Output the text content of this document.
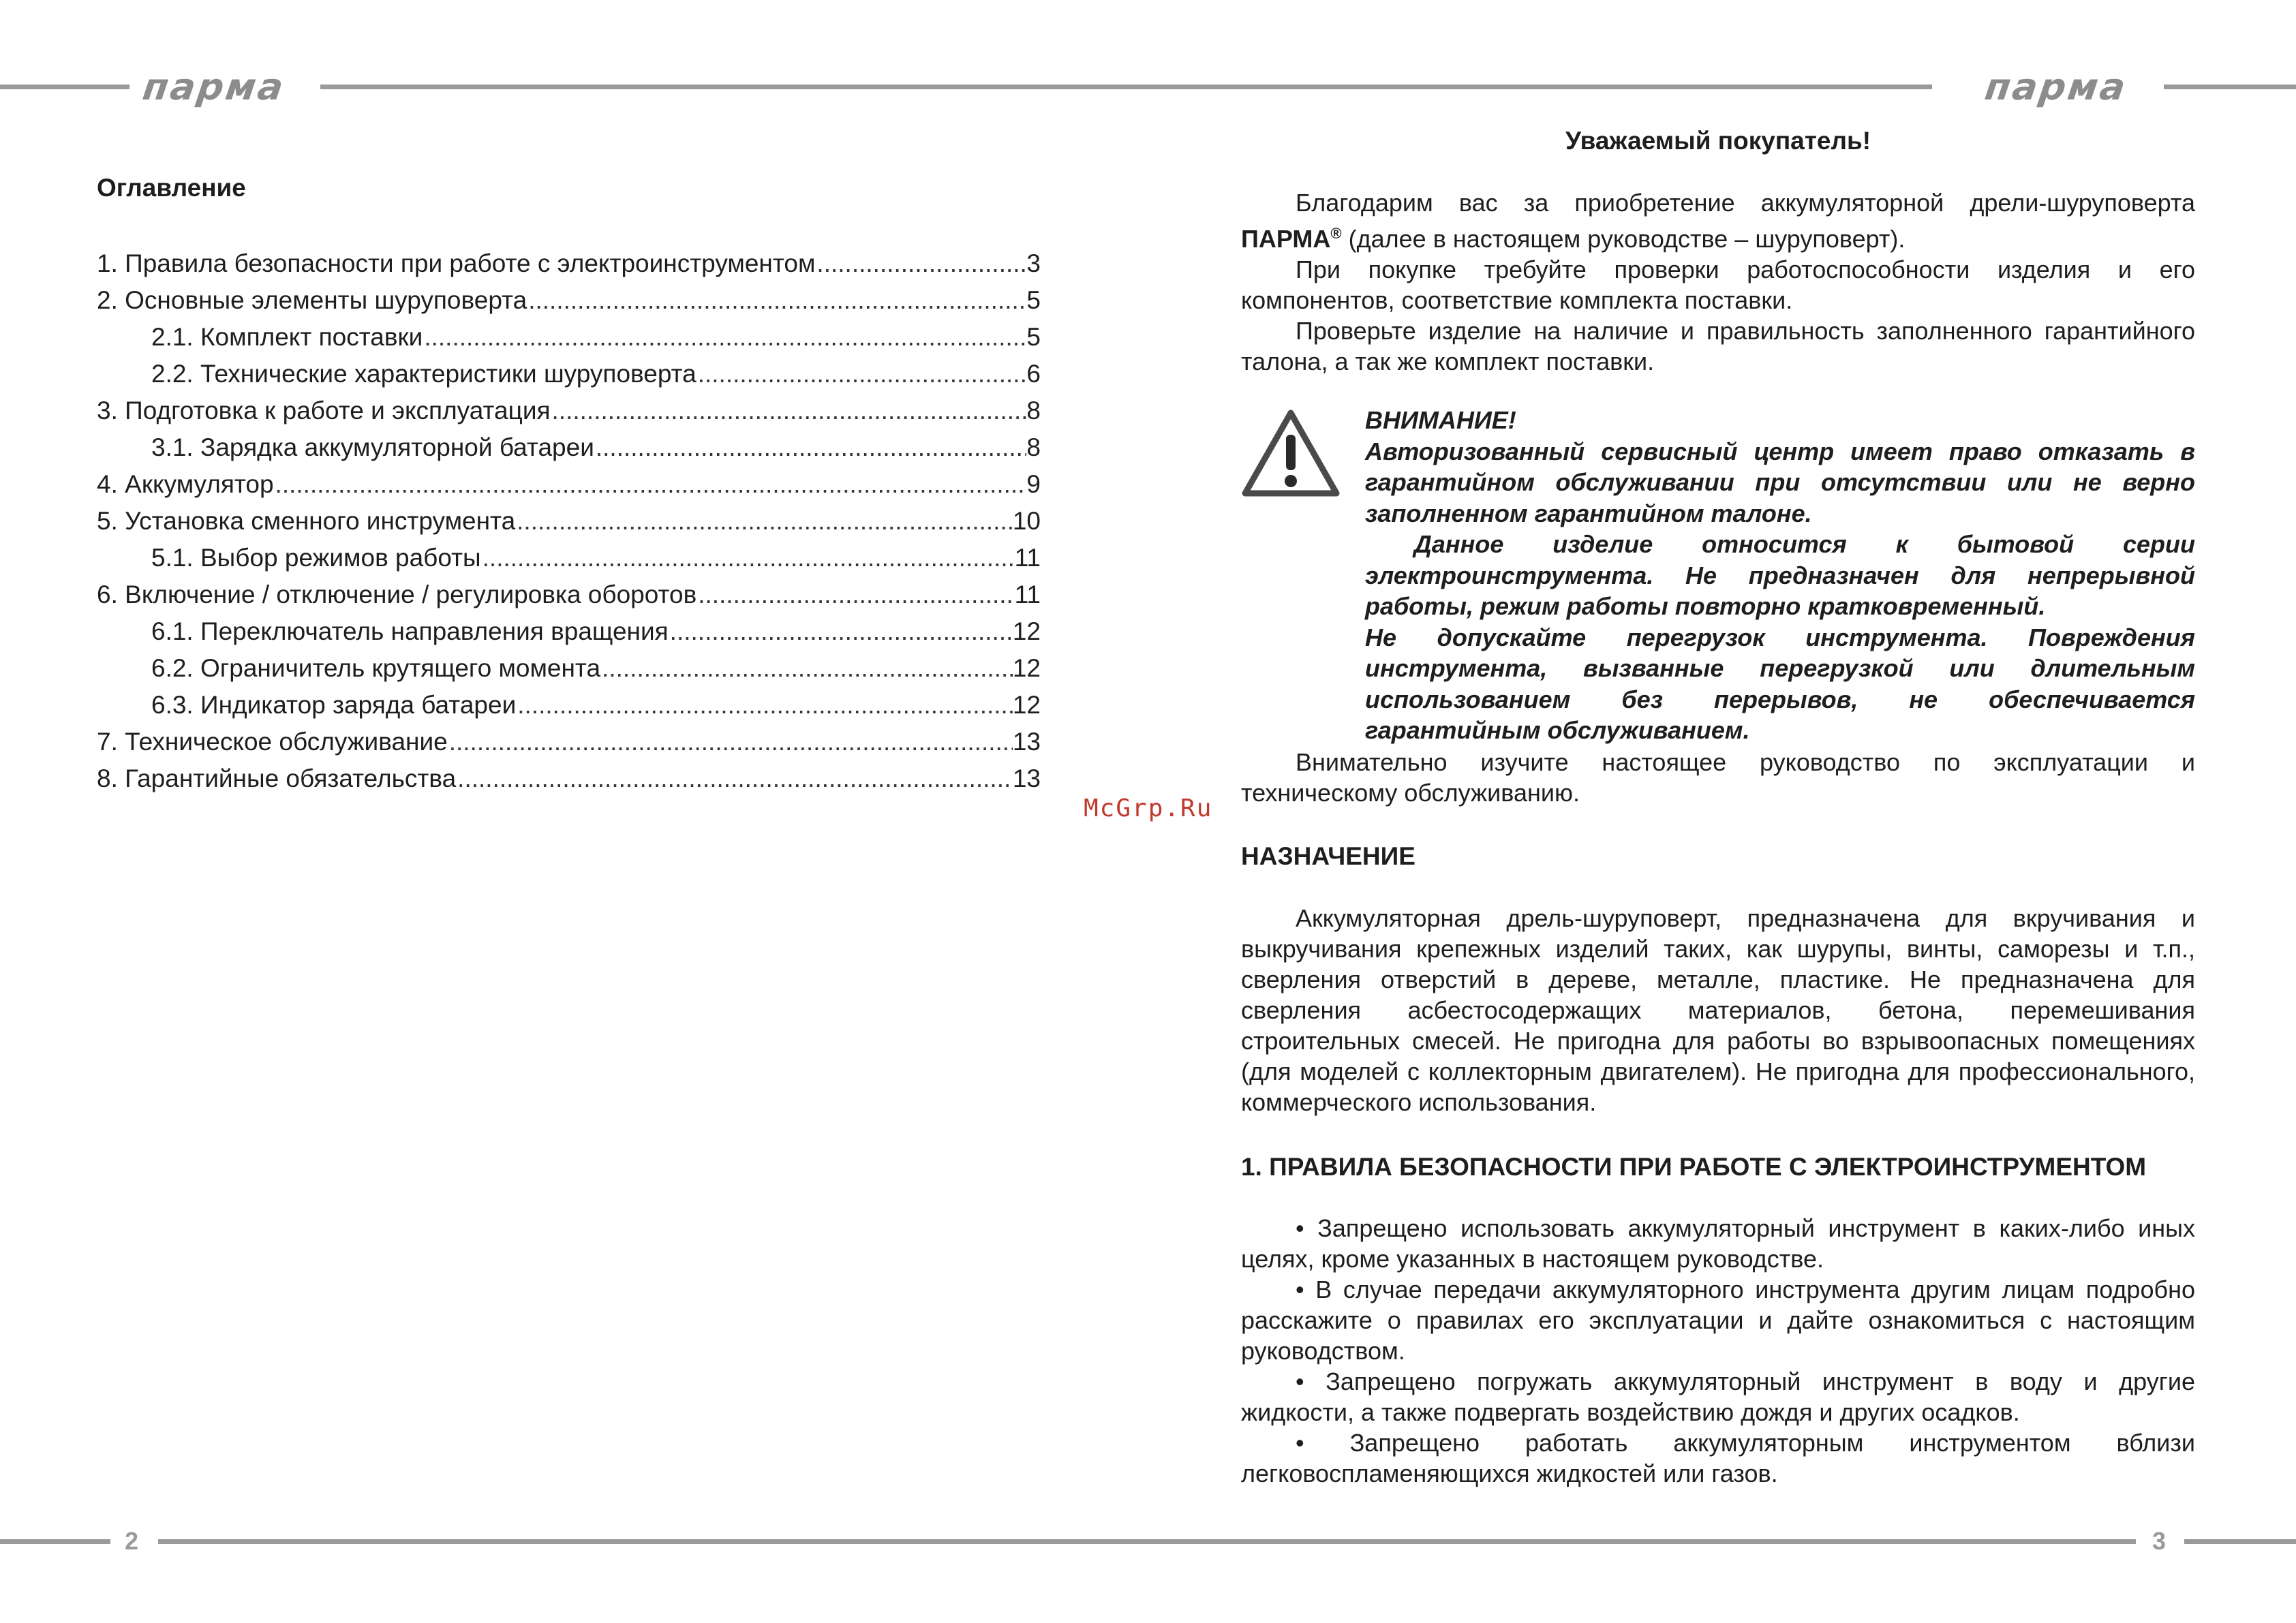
парма	парма
Оглавление
1. Правила безопасности при работе с электроинструментом .....	3
2. Основные элементы шуруповерта .....	5
2.1. Комплект поставки .....	5
2.2. Технические характеристики шуруповерта .....	6
3. Подготовка к работе и эксплуатация .....	8
3.1. Зарядка аккумуляторной батареи .....	8
4. Аккумулятор .....	9
5. Установка сменного инструмента .....	10
5.1. Выбор режимов работы .....	11
6. Включение / отключение / регулировка оборотов .....	11
6.1. Переключатель направления вращения .....	12
6.2. Ограничитель крутящего момента .....	12
6.3. Индикатор заряда батареи .....	12
7. Техническое обслуживание .....	13
8. Гарантийные обязательства .....	13
McGrp.Ru
Уважаемый покупатель!

Благодарим вас за приобретение аккумуляторной дрели-шуруповерта ПАРМА® (далее в настоящем руководстве – шуруповерт).

При покупке требуйте проверки работоспособности изделия и его компонентов, соответствие комплекта поставки.

Проверьте изделие на наличие и правильность заполненного гарантийного талона, а так же комплект поставки.

ВНИМАНИЕ!

Авторизованный сервисный центр имеет право отказать в гарантийном обслуживании при отсутствии или не верно заполненном гарантийном талоне.

Данное изделие относится к бытовой серии электроинструмента. Не предназначен для непрерывной работы, режим работы повторно кратковременный.

Не допускайте перегрузок инструмента. Повреждения инструмента, вызванные перегрузкой или длительным использованием без перерывов, не обеспечивается гарантийным обслуживанием.

Внимательно изучите настоящее руководство по эксплуатации и техническому обслуживанию.

НАЗНАЧЕНИЕ

Аккумуляторная дрель-шуруповерт, предназначена для вкручивания и выкручивания крепежных изделий таких, как шурупы, винты, саморезы и т.п., сверления отверстий в дереве, металле, пластике. Не предназначена для сверления асбестосодержащих материалов, бетона, перемешивания строительных смесей. Не пригодна для работы во взрывоопасных помещениях (для моделей с коллекторным двигателем). Не пригодна для профессионального, коммерческого использования.

1. ПРАВИЛА БЕЗОПАСНОСТИ ПРИ РАБОТЕ С ЭЛЕКТРОИНСТРУМЕНТОМ

• Запрещено использовать аккумуляторный инструмент в каких-либо иных целях, кроме указанных в настоящем руководстве.

• В случае передачи аккумуляторного инструмента другим лицам подробно расскажите о правилах его эксплуатации и дайте ознакомиться с настоящим руководством.

• Запрещено погружать аккумуляторный инструмент в воду и другие жидкости, а также подвергать воздействию дождя и других осадков.

• Запрещено работать аккумуляторным инструментом вблизи легковоспламеняющихся жидкостей или газов.

2	3
